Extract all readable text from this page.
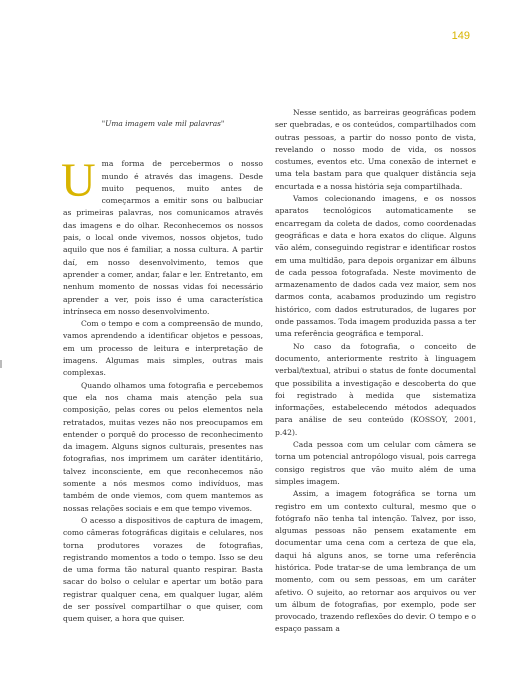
149
"Uma imagem vale mil palavras"

Uma forma de percebermos o nosso mundo é através das imagens. Desde muito pequenos, muito antes de começarmos a emitir sons ou balbuciar as primeiras palavras, nos comunicamos através das imagens e do olhar. Reconhecemos os nossos pais, o local onde vivemos, nossos objetos, tudo aquilo que nos é familiar, a nossa cultura. A partir daí, em nosso desenvolvimento, temos que aprender a comer, andar, falar e ler. Entretanto, em nenhum momento de nossas vidas foi necessário aprender a ver, pois isso é uma característica intrínseca em nosso desenvolvimento.

Com o tempo e com a compreensão de mundo, vamos aprendendo a identificar objetos e pessoas, em um processo de leitura e interpretação de imagens. Algumas mais simples, outras mais complexas.

Quando olhamos uma fotografia e percebemos que ela nos chama mais atenção pela sua composição, pelas cores ou pelos elementos nela retratados, muitas vezes não nos preocupamos em entender o porquê do processo de reconhecimento da imagem. Alguns signos culturais, presentes nas fotografias, nos imprimem um caráter identitário, talvez inconsciente, em que reconhecemos não somente a nós mesmos como indivíduos, mas também de onde viemos, com quem mantemos as nossas relações sociais e em que tempo vivemos.

O acesso a dispositivos de captura de imagem, como câmeras fotográficas digitais e celulares, nos torna produtores vorazes de fotografias, registrando momentos a todo o tempo. Isso se deu de uma forma tão natural quanto respirar. Basta sacar do bolso o celular e apertar um botão para registrar qualquer cena, em qualquer lugar, além de ser possível compartilhar o que quiser, com quem quiser, a hora que quiser.

Nesse sentido, as barreiras geográficas podem ser quebradas, e os conteúdos, compartilhados com outras pessoas, a partir do nosso ponto de vista, revelando o nosso modo de vida, os nossos costumes, eventos etc. Uma conexão de internet e uma tela bastam para que qualquer distância seja encurtada e a nossa história seja compartilhada.

Vamos colecionando imagens, e os nossos aparatos tecnológicos automaticamente se encarregam da coleta de dados, como coordenadas geográficas e data e hora exatos do clique. Alguns vão além, conseguindo registrar e identificar rostos em uma multidão, para depois organizar em álbuns de cada pessoa fotografada. Neste movimento de armazenamento de dados cada vez maior, sem nos darmos conta, acabamos produzindo um registro histórico, com dados estruturados, de lugares por onde passamos. Toda imagem produzida passa a ter uma referência geográfica e temporal.

No caso da fotografia, o conceito de documento, anteriormente restrito à linguagem verbal/textual, atribui o status de fonte documental que possibilita a investigação e descoberta do que foi registrado à medida que sistematiza informações, estabelecendo métodos adequados para análise de seu conteúdo (KOSSOY, 2001, p.42).

Cada pessoa com um celular com câmera se torna um potencial antropólogo visual, pois carrega consigo registros que vão muito além de uma simples imagem.

Assim, a imagem fotográfica se torna um registro em um contexto cultural, mesmo que o fotógrafo não tenha tal intenção. Talvez, por isso, algumas pessoas não pensem exatamente em documentar uma cena com a certeza de que ela, daqui há alguns anos, se torne uma referência histórica. Pode tratar-se de uma lembrança de um momento, com ou sem pessoas, em um caráter afetivo. O sujeito, ao retornar aos arquivos ou ver um álbum de fotografias, por exemplo, pode ser provocado, trazendo reflexões do devir. O tempo e o espaço passam a
